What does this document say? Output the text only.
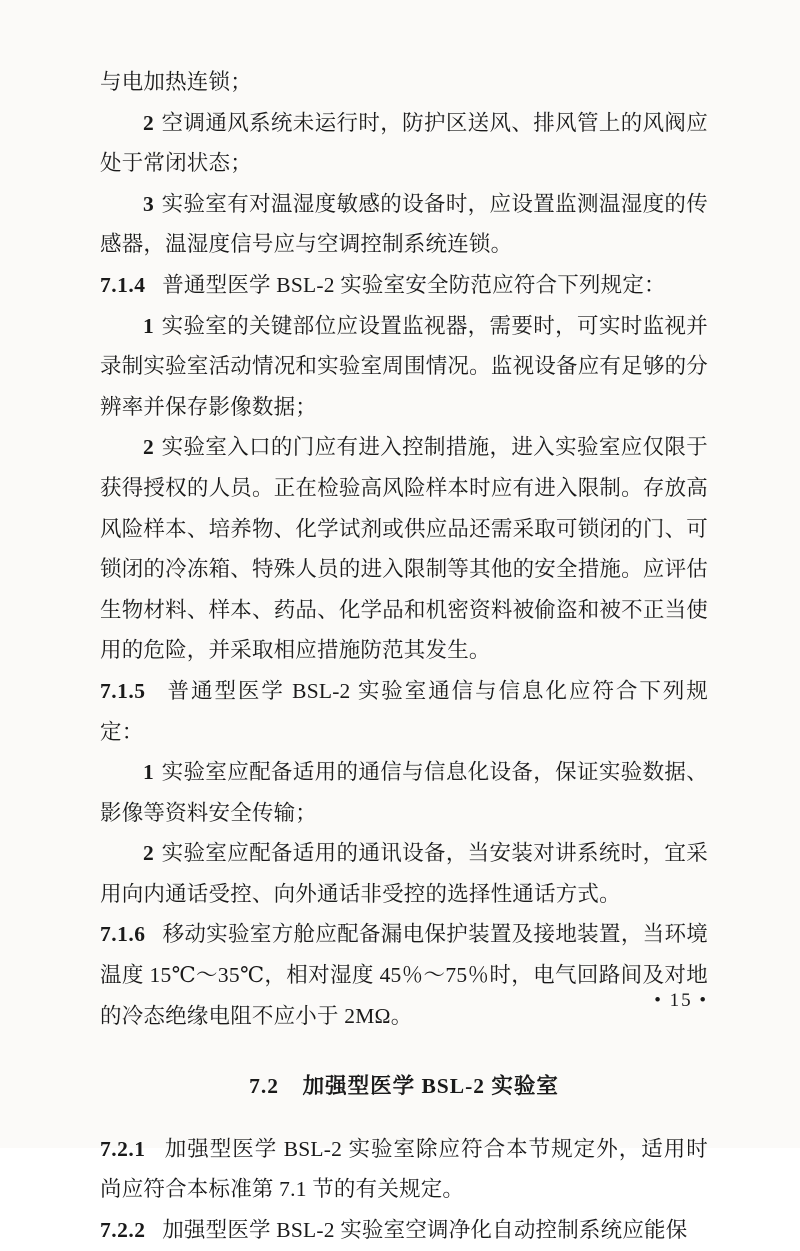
与电加热连锁；

2 空调通风系统未运行时，防护区送风、排风管上的风阀应处于常闭状态；

3 实验室有对温湿度敏感的设备时，应设置监测温湿度的传感器，温湿度信号应与空调控制系统连锁。

7.1.4 普通型医学 BSL-2 实验室安全防范应符合下列规定：

1 实验室的关键部位应设置监视器，需要时，可实时监视并录制实验室活动情况和实验室周围情况。监视设备应有足够的分辨率并保存影像数据；

2 实验室入口的门应有进入控制措施，进入实验室应仅限于获得授权的人员。正在检验高风险样本时应有进入限制。存放高风险样本、培养物、化学试剂或供应品还需采取可锁闭的门、可锁闭的冷冻箱、特殊人员的进入限制等其他的安全措施。应评估生物材料、样本、药品、化学品和机密资料被偷盗和被不正当使用的危险，并采取相应措施防范其发生。

7.1.5 普通型医学 BSL-2 实验室通信与信息化应符合下列规定：

1 实验室应配备适用的通信与信息化设备，保证实验数据、影像等资料安全传输；

2 实验室应配备适用的通讯设备，当安装对讲系统时，宜采用向内通话受控、向外通话非受控的选择性通话方式。

7.1.6 移动实验室方舱应配备漏电保护装置及接地装置，当环境温度 15℃～35℃，相对湿度 45％～75％时，电气回路间及对地的冷态绝缘电阻不应小于 2MΩ。

7.2 加强型医学 BSL-2 实验室

7.2.1 加强型医学 BSL-2 实验室除应符合本节规定外，适用时尚应符合本标准第 7.1 节的有关规定。

7.2.2 加强型医学 BSL-2 实验室空调净化自动控制系统应能保

• 15 •
